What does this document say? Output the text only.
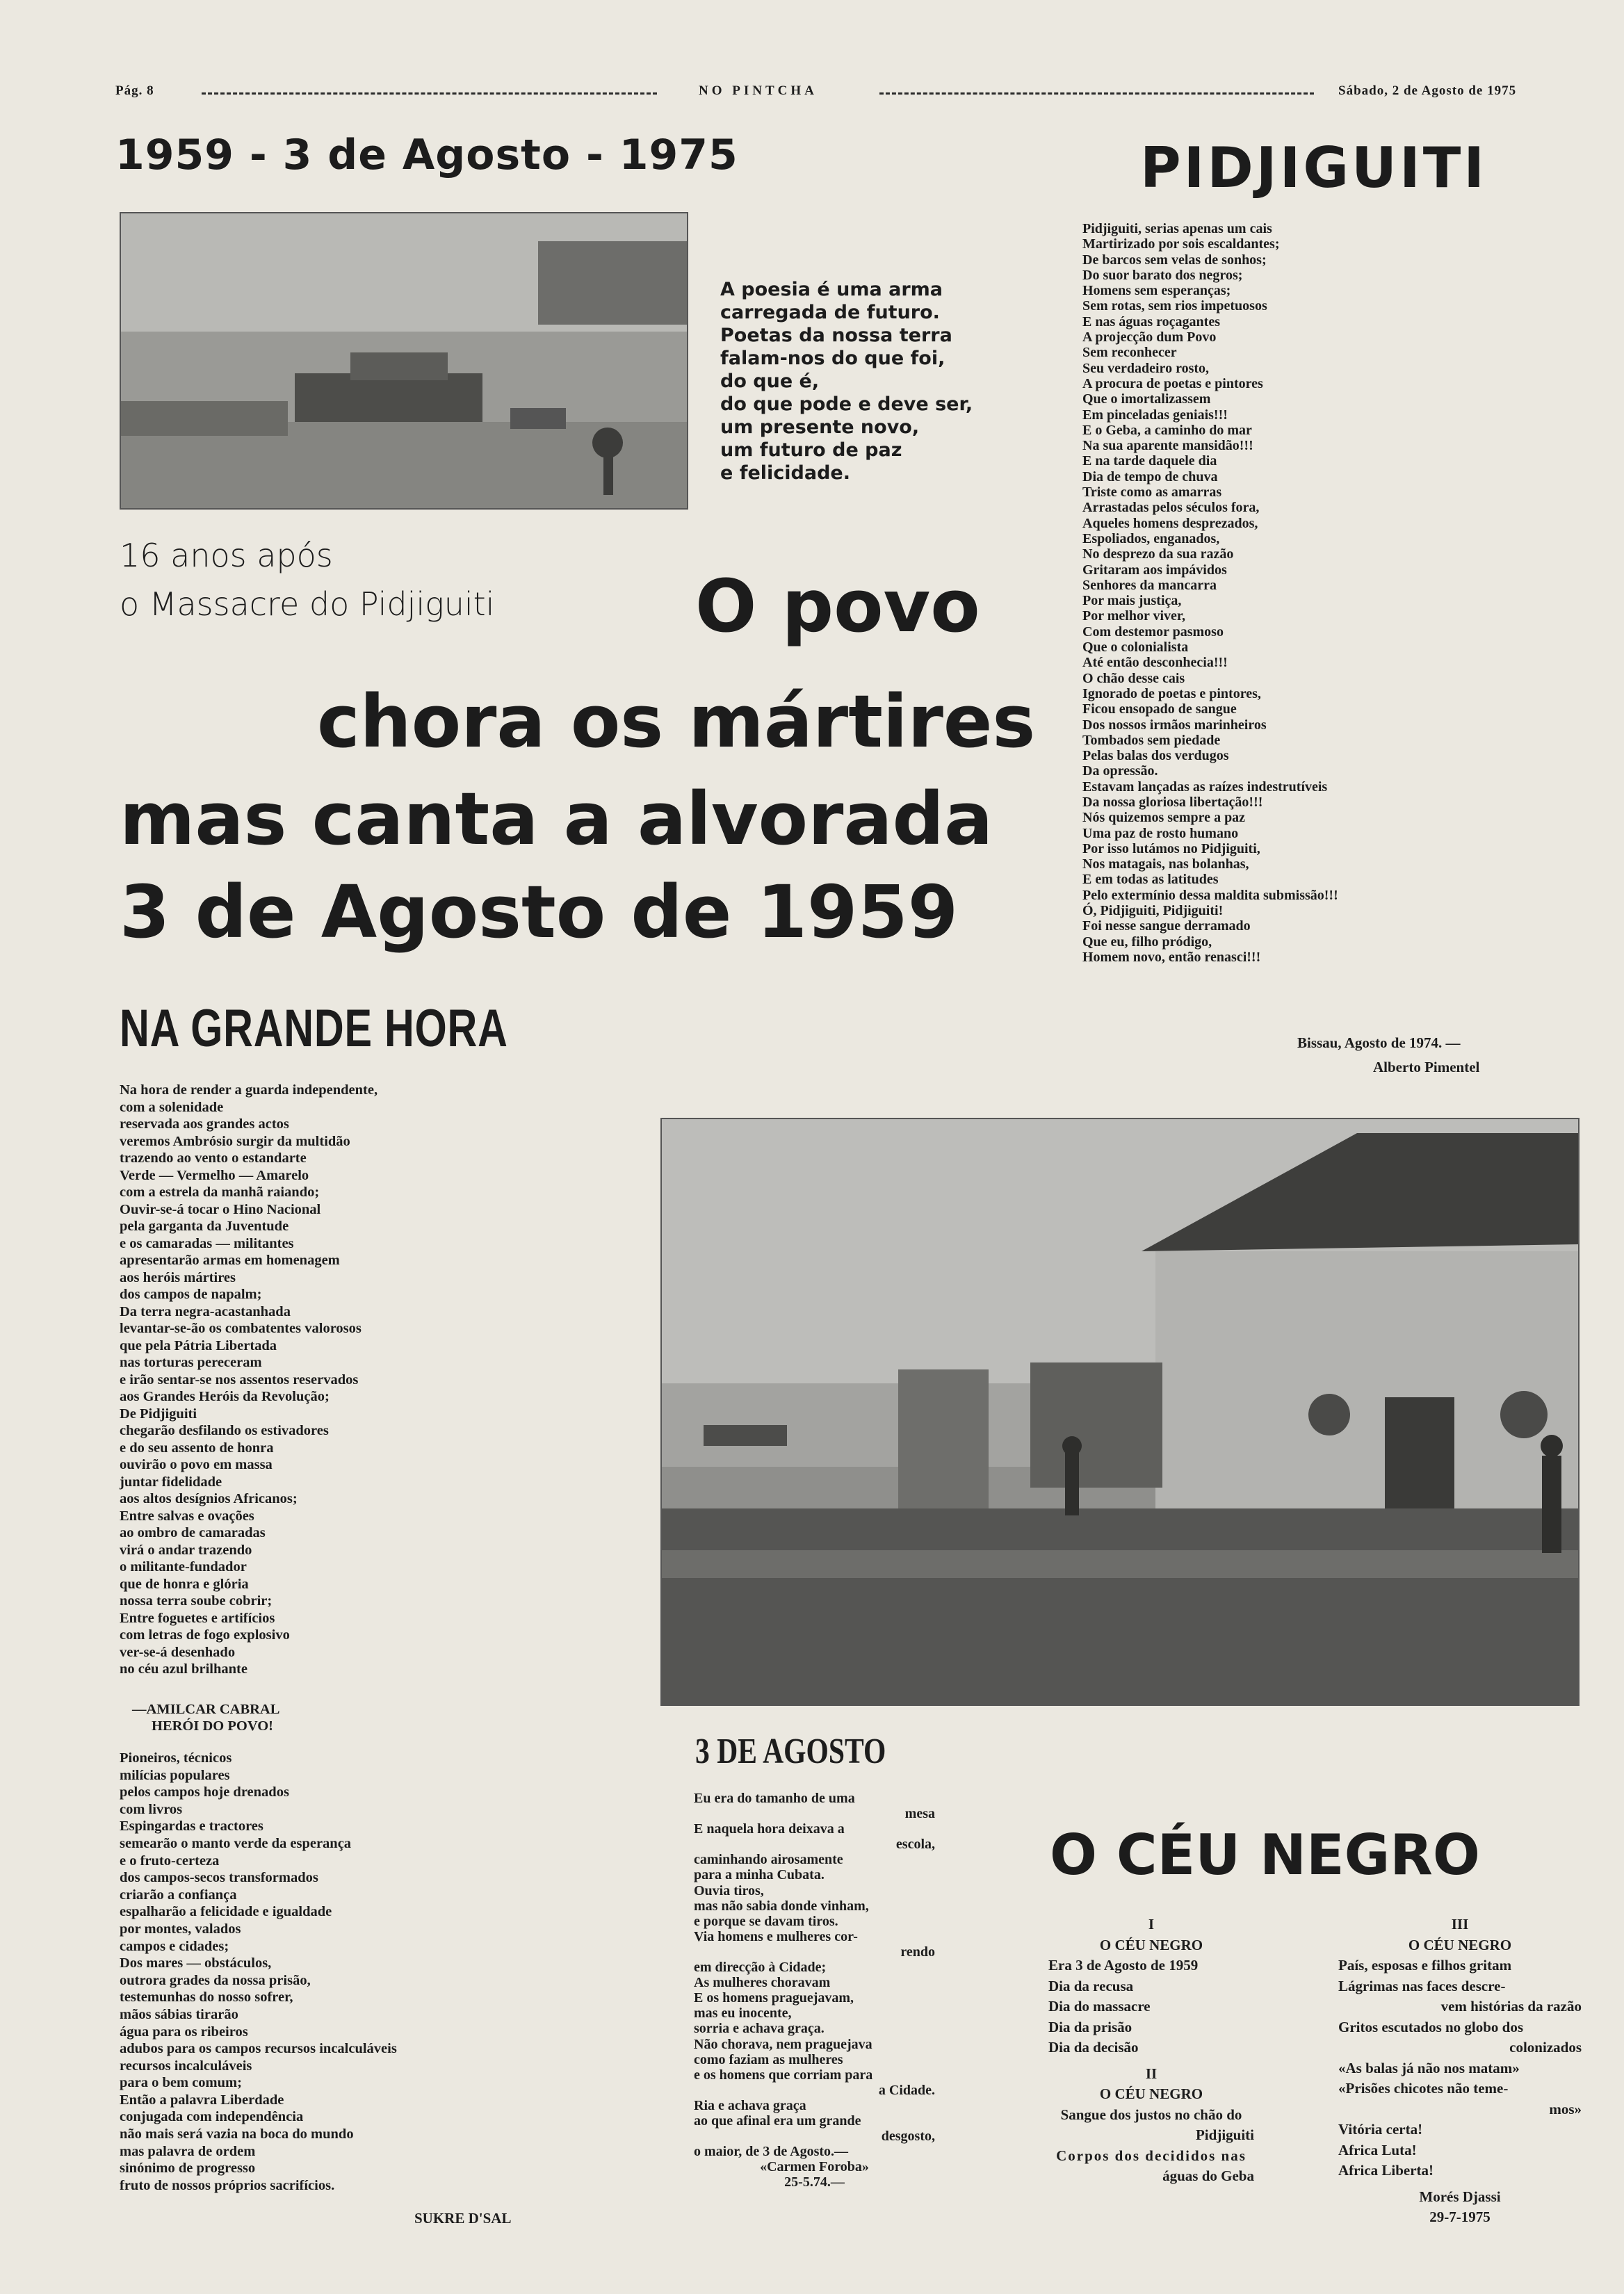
Pág. 8	NO PINTCHA	Sábado, 2 de Agosto de 1975
1959 - 3 de Agosto - 1975
A poesia é uma arma
carregada de futuro.
Poetas da nossa terra
falam-nos do que foi,
do que é,
do que pode e deve ser,
um presente novo,
um futuro de paz
e felicidade.
16 anos após
o Massacre do Pidjiguiti	O povo
chora os mártires
mas canta a alvorada
3 de Agosto de 1959
PIDJIGUITI
Pidjiguiti, serias apenas um cais
Martirizado por sois escaldantes;
De barcos sem velas de sonhos;
Do suor barato dos negros;
Homens sem esperanças;
Sem rotas, sem rios impetuosos
E nas águas roçagantes
A projecção dum Povo
Sem reconhecer
Seu verdadeiro rosto,
A procura de poetas e pintores
Que o imortalizassem
Em pinceladas geniais!!!
E o Geba, a caminho do mar
Na sua aparente mansidão!!!
E na tarde daquele dia
Dia de tempo de chuva
Triste como as amarras
Arrastadas pelos séculos fora,
Aqueles homens desprezados,
Espoliados, enganados,
No desprezo da sua razão
Gritaram aos impávidos
Senhores da mancarra
Por mais justiça,
Por melhor viver,
Com destemor pasmoso
Que o colonialista
Até então desconhecia!!!
O chão desse cais
Ignorado de poetas e pintores,
Ficou ensopado de sangue
Dos nossos irmãos marinheiros
Tombados sem piedade
Pelas balas dos verdugos
Da opressão.
Estavam lançadas as raízes indestrutíveis
Da nossa gloriosa libertação!!!
Nós quizemos sempre a paz
Uma paz de rosto humano
Por isso lutámos no Pidjiguiti,
Nos matagais, nas bolanhas,
E em todas as latitudes
Pelo extermínio dessa maldita submissão!!!
Ó, Pidjiguiti, Pidjiguiti!
Foi nesse sangue derramado
Que eu, filho pródigo,
Homem novo, então renasci!!!
Bissau, Agosto de 1974. —
Alberto Pimentel
NA GRANDE HORA
Na hora de render a guarda independente,
com a solenidade
reservada aos grandes actos
veremos Ambrósio surgir da multidão
trazendo ao vento o estandarte
Verde — Vermelho — Amarelo
com a estrela da manhã raiando;
Ouvir-se-á tocar o Hino Nacional
pela garganta da Juventude
e os camaradas — militantes
apresentarão armas em homenagem
aos heróis mártires
dos campos de napalm;
Da terra negra-acastanhada
levantar-se-ão os combatentes valorosos
que pela Pátria Libertada
nas torturas pereceram
e irão sentar-se nos assentos reservados
aos Grandes Heróis da Revolução;
De Pidjiguiti
chegarão desfilando os estivadores
e do seu assento de honra
ouvirão o povo em massa
juntar fidelidade
aos altos desígnios Africanos;
Entre salvas e ovações
ao ombro de camaradas
virá o andar trazendo
o militante-fundador
que de honra e glória
nossa terra soube cobrir;
Entre foguetes e artifícios
com letras de fogo explosivo
ver-se-á desenhado
no céu azul brilhante
—AMILCAR CABRAL
HERÓI DO POVO!
Pioneiros, técnicos
milícias populares
pelos campos hoje drenados
com livros
Espingardas e tractores
semearão o manto verde da esperança
e o fruto-certeza
dos campos-secos transformados
criarão a confiança
espalharão a felicidade e igualdade
por montes, valados
campos e cidades;
Dos mares — obstáculos,
outrora grades da nossa prisão,
testemunhas do nosso sofrer,
mãos sábias tirarão
água para os ribeiros
adubos para os campos recursos incalculáveis
recursos incalculáveis
para o bem comum;
Então a palavra Liberdade
conjugada com independência
não mais será vazia na boca do mundo
mas palavra de ordem
sinónimo de progresso
fruto de nossos próprios sacrifícios.
SUKRE D'SAL
3 DE AGOSTO
Eu era do tamanho de uma
mesa
E naquela hora deixava a
escola,
caminhando airosamente
para a minha Cubata.
Ouvia tiros,
mas não sabia donde vinham,
e porque se davam tiros.
Via homens e mulheres cor-
rendo
em direcção à Cidade;
As mulheres choravam
E os homens praguejavam,
mas eu inocente,
sorria e achava graça.
Não chorava, nem praguejava
como faziam as mulheres
e os homens que corriam para
a Cidade.
Ria e achava graça
ao que afinal era um grande
desgosto,
o maior, de 3 de Agosto.—
«Carmen Foroba»
25-5.74.—
O CÉU NEGRO
I
O CÉU NEGRO
Era 3 de Agosto de 1959
Dia da recusa
Dia do massacre
Dia da prisão
Dia da decisão
II
O CÉU NEGRO
Sangue dos justos no chão do
Pidjiguiti
Corpos dos decididos nas
águas do Geba
III
O CÉU NEGRO
País, esposas e filhos gritam
Lágrimas nas faces descre-
vem histórias da razão
Gritos escutados no globo dos
colonizados
«As balas já não nos matam»
«Prisões chicotes não teme-
mos»
Vitória certa!
Africa Luta!
Africa Liberta!
Morés Djassi
29-7-1975
